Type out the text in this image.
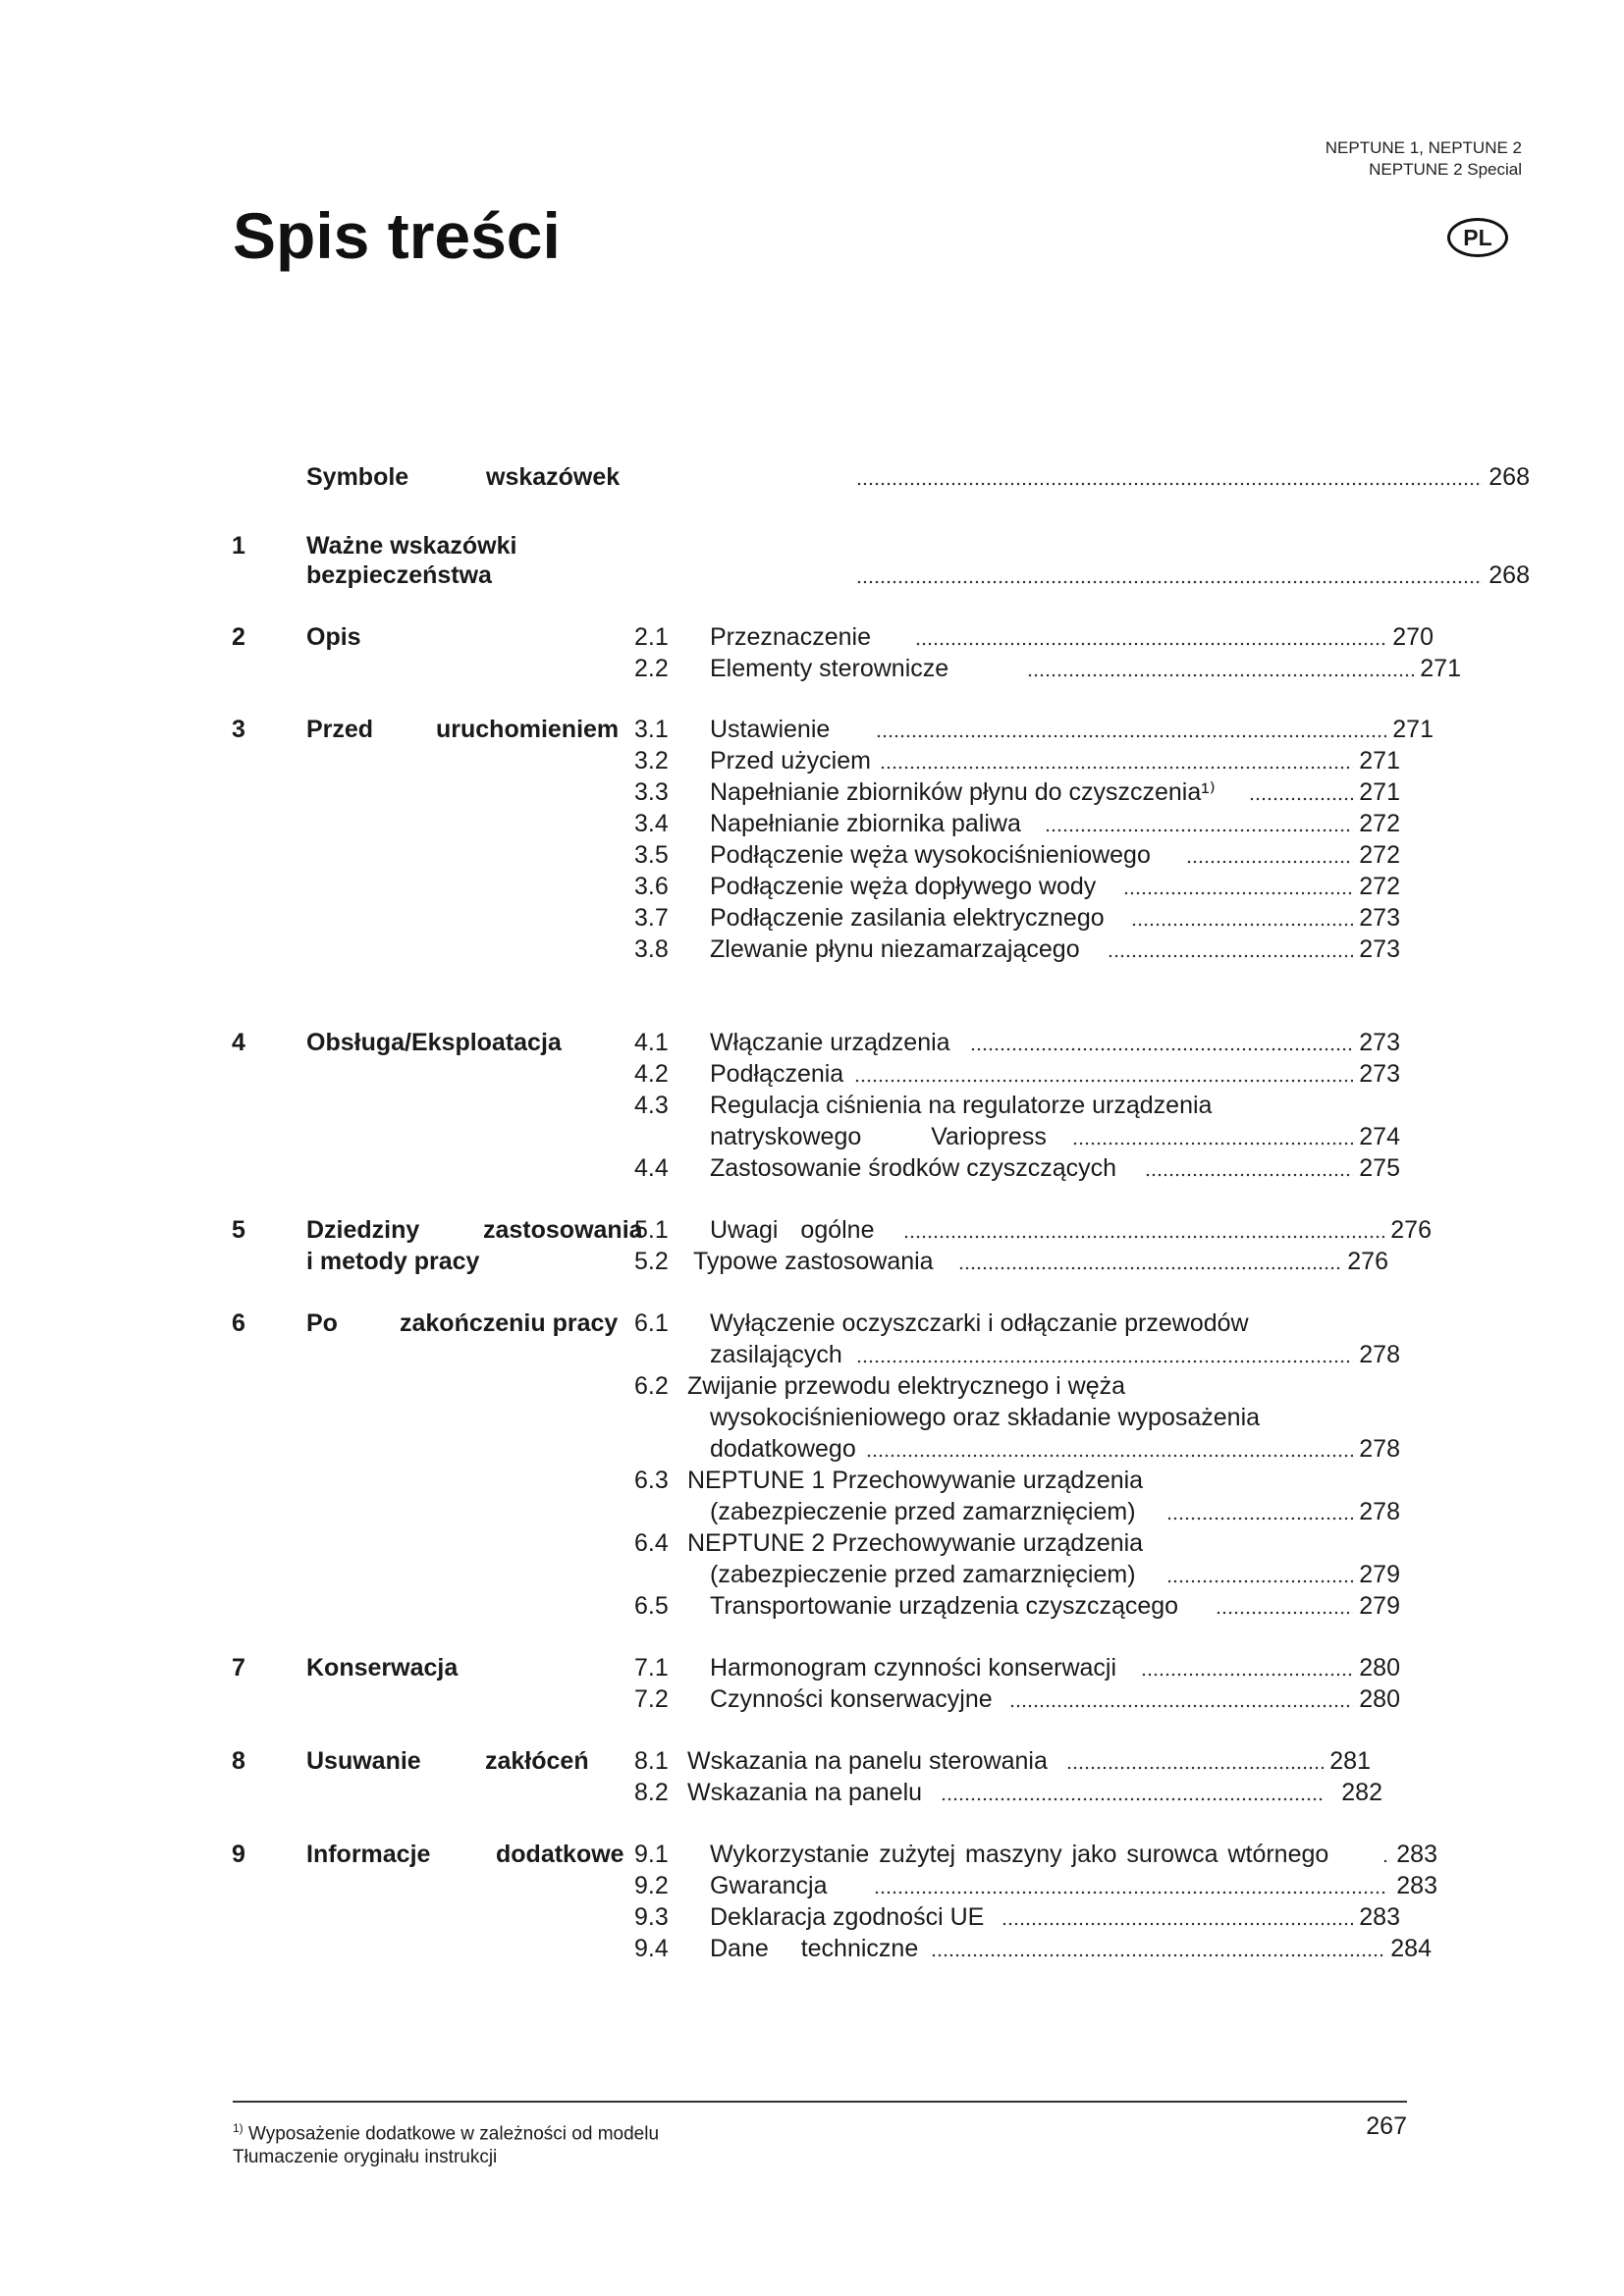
NEPTUNE 1, NEPTUNE 2
NEPTUNE 2 Special
Spis treści	PL
Symbole	wskazówek	268
1 Ważne wskazówki
bezpieczeństwa	268
2 Opis	2.1 Przeznaczenie	270
2.2 Elementy sterownicze	271
3 Przed	uruchomieniem 3.1 Ustawienie	271
3.2 Przed użyciem	271
3.3 Napełnianie zbiorników płynu do czyszczenia¹⁾	271
3.4 Napełnianie zbiornika paliwa	272
3.5 Podłączenie węża wysokociśnieniowego	272
3.6 Podłączenie węża dopływego wody	272
3.7 Podłączenie zasilania elektrycznego	273
3.8 Zlewanie płynu niezamarzającego	273
4 Obsługa/Eksploatacja	4.1 Włączanie urządzenia	273
4.2 Podłączenia	273
4.3 Regulacja ciśnienia na regulatorze urządzenia
natryskowego Variopress	274
4.4 Zastosowanie środków czyszczących	275
5 Dziedziny	zastosowania
i metody pracy
5.1 Uwagi ogólne	276
5.2 Typowe zastosowania	276
6 Po	zakończeniu pracy 6.1 Wyłączenie oczyszczarki i odłączanie przewodów
zasilających	278
6.2 Zwijanie przewodu elektrycznego i węża
wysokociśnieniowego oraz składanie wyposażenia
dodatkowego	278
6.3 NEPTUNE 1 Przechowywanie urządzenia
(zabezpieczenie przed zamarznięciem)	278
6.4 NEPTUNE 2 Przechowywanie urządzenia
(zabezpieczenie przed zamarznięciem)	279
6.5 Transportowanie urządzenia czyszczącego	279
7 Konserwacja	7.1 Harmonogram czynności konserwacji	280
7.2 Czynności konserwacyjne	280
8 Usuwanie	zakłóceń 8.1 Wskazania na panelu sterowania	281
8.2 Wskazania na panelu	282
9 Informacje	dodatkowe 9.1 Wykorzystanie zużytej maszyny jako surowca wtórnego	283
9.2 Gwarancja	283
9.3 Deklaracja zgodności UE	283
9.4 Dane techniczne	284
$^{1)}$ Wyposażenie dodatkowe w zależności od modelu
Tłumaczenie oryginału instrukcji
267
